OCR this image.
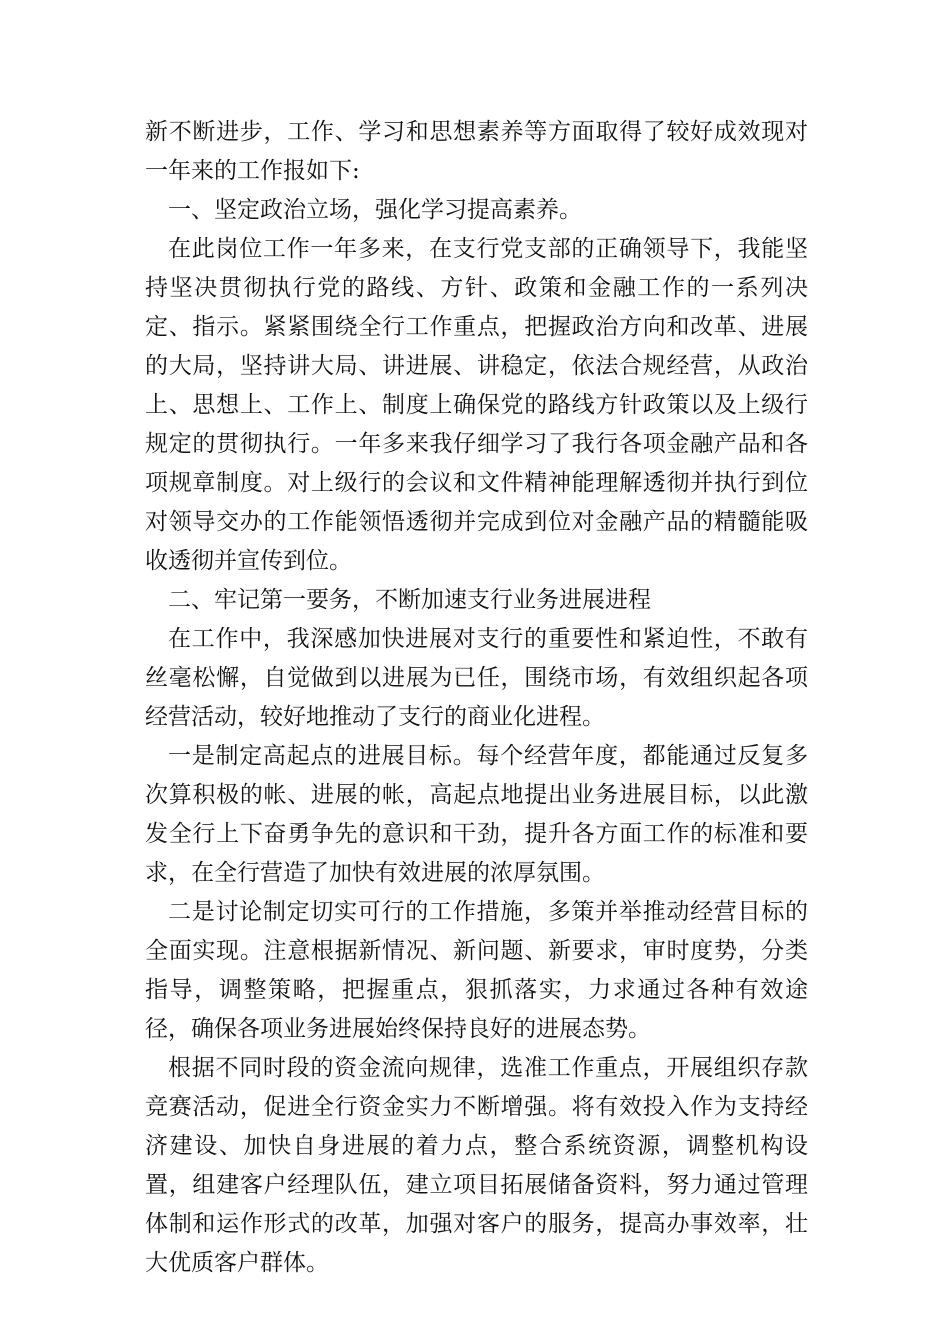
新不断进步，工作、学习和思想素养等方面取得了较好成效现对一年来的工作报如下:

一、坚定政治立场，强化学习提高素养。

在此岗位工作一年多来，在支行党支部的正确领导下，我能坚持坚决贯彻执行党的路线、方针、政策和金融工作的一系列决定、指示。紧紧围绕全行工作重点，把握政治方向和改革、进展的大局，坚持讲大局、讲进展、讲稳定，依法合规经营，从政治上、思想上、工作上、制度上确保党的路线方针政策以及上级行规定的贯彻执行。一年多来我仔细学习了我行各项金融产品和各项规章制度。对上级行的会议和文件精神能理解透彻并执行到位对领导交办的工作能领悟透彻并完成到位对金融产品的精髓能吸收透彻并宣传到位。

二、牢记第一要务，不断加速支行业务进展进程

在工作中，我深感加快进展对支行的重要性和紧迫性，不敢有丝毫松懈，自觉做到以进展为已任，围绕市场，有效组织起各项经营活动，较好地推动了支行的商业化进程。

一是制定高起点的进展目标。每个经营年度，都能通过反复多次算积极的帐、进展的帐，高起点地提出业务进展目标，以此激发全行上下奋勇争先的意识和干劲，提升各方面工作的标准和要求，在全行营造了加快有效进展的浓厚氛围。

二是讨论制定切实可行的工作措施，多策并举推动经营目标的全面实现。注意根据新情况、新问题、新要求，审时度势，分类指导，调整策略，把握重点，狠抓落实，力求通过各种有效途径，确保各项业务进展始终保持良好的进展态势。

根据不同时段的资金流向规律，选准工作重点，开展组织存款竞赛活动，促进全行资金实力不断增强。将有效投入作为支持经济建设、加快自身进展的着力点，整合系统资源，调整机构设置，组建客户经理队伍，建立项目拓展储备资料，努力通过管理体制和运作形式的改革，加强对客户的服务，提高办事效率，壮大优质客户群体。
